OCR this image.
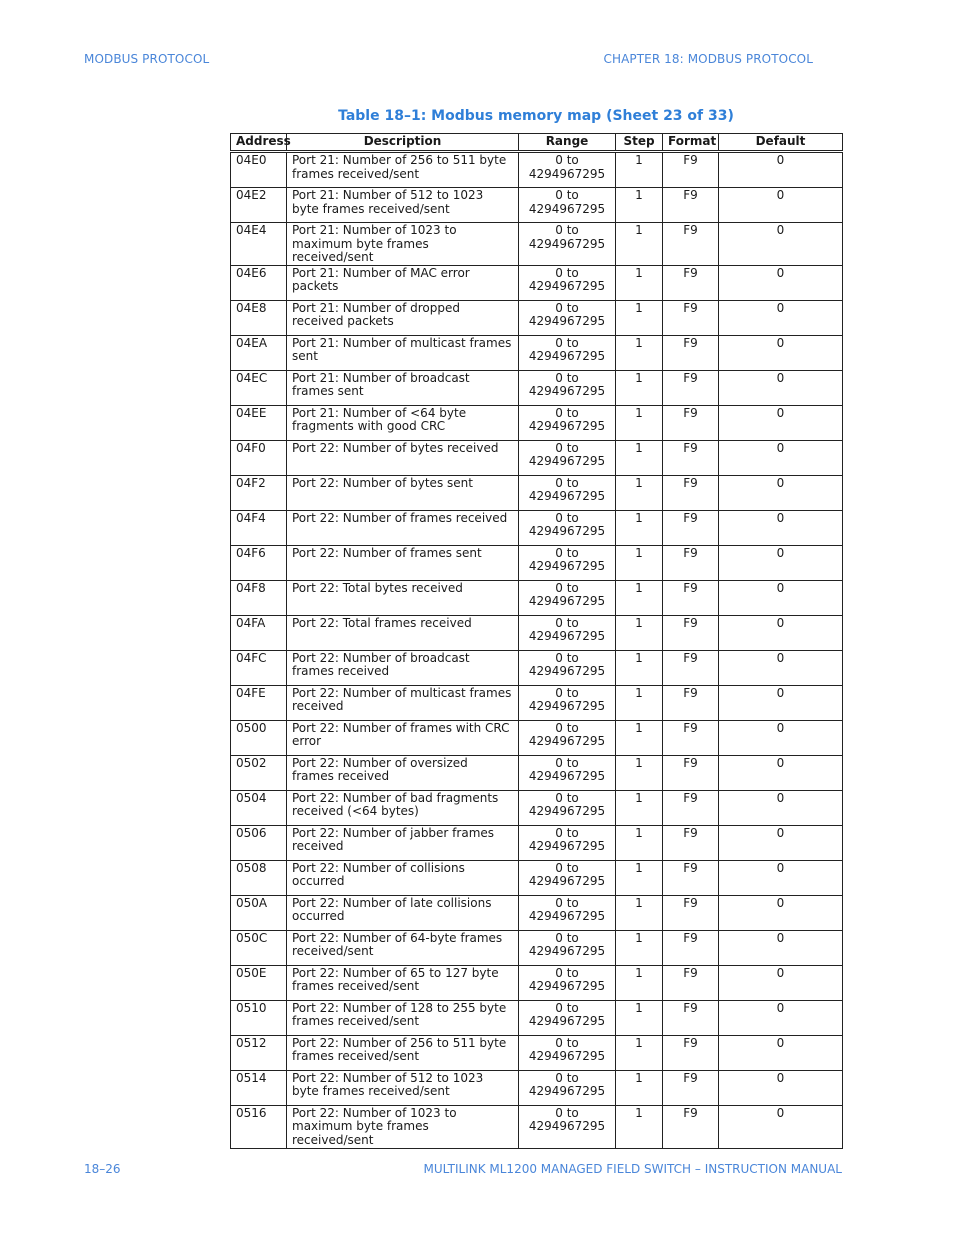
MODBUS PROTOCOL	CHAPTER 18: MODBUS PROTOCOL
Table 18–1: Modbus memory map (Sheet 23 of 33)
Address	Description	Range	Step	Format	Default
04E0	Port 21: Number of 256 to 511 byte frames received/sent	0 to 4294967295	1	F9	0
04E2	Port 21: Number of 512 to 1023 byte frames received/sent	0 to 4294967295	1	F9	0
04E4	Port 21: Number of 1023 to maximum byte frames received/sent	0 to 4294967295	1	F9	0
04E6	Port 21: Number of MAC error packets	0 to 4294967295	1	F9	0
04E8	Port 21: Number of dropped received packets	0 to 4294967295	1	F9	0
04EA	Port 21: Number of multicast frames sent	0 to 4294967295	1	F9	0
04EC	Port 21: Number of broadcast frames sent	0 to 4294967295	1	F9	0
04EE	Port 21: Number of <64 byte fragments with good CRC	0 to 4294967295	1	F9	0
04F0	Port 22: Number of bytes received	0 to 4294967295	1	F9	0
04F2	Port 22: Number of bytes sent	0 to 4294967295	1	F9	0
04F4	Port 22: Number of frames received	0 to 4294967295	1	F9	0
04F6	Port 22: Number of frames sent	0 to 4294967295	1	F9	0
04F8	Port 22: Total bytes received	0 to 4294967295	1	F9	0
04FA	Port 22: Total frames received	0 to 4294967295	1	F9	0
04FC	Port 22: Number of broadcast frames received	0 to 4294967295	1	F9	0
04FE	Port 22: Number of multicast frames received	0 to 4294967295	1	F9	0
0500	Port 22: Number of frames with CRC error	0 to 4294967295	1	F9	0
0502	Port 22: Number of oversized frames received	0 to 4294967295	1	F9	0
0504	Port 22: Number of bad fragments received (<64 bytes)	0 to 4294967295	1	F9	0
0506	Port 22: Number of jabber frames received	0 to 4294967295	1	F9	0
0508	Port 22: Number of collisions occurred	0 to 4294967295	1	F9	0
050A	Port 22: Number of late collisions occurred	0 to 4294967295	1	F9	0
050C	Port 22: Number of 64-byte frames received/sent	0 to 4294967295	1	F9	0
050E	Port 22: Number of 65 to 127 byte frames received/sent	0 to 4294967295	1	F9	0
0510	Port 22: Number of 128 to 255 byte frames received/sent	0 to 4294967295	1	F9	0
0512	Port 22: Number of 256 to 511 byte frames received/sent	0 to 4294967295	1	F9	0
0514	Port 22: Number of 512 to 1023 byte frames received/sent	0 to 4294967295	1	F9	0
0516	Port 22: Number of 1023 to maximum byte frames received/sent	0 to 4294967295	1	F9	0
18–26	MULTILINK ML1200 MANAGED FIELD SWITCH – INSTRUCTION MANUAL
